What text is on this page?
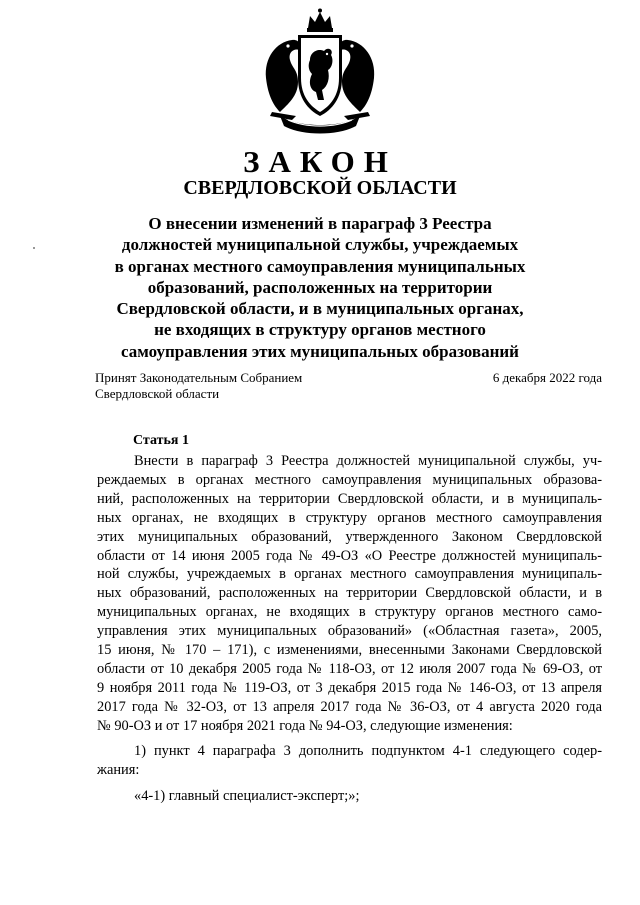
ЗАКОН
СВЕРДЛОВСКОЙ ОБЛАСТИ
О внесении изменений в параграф 3 Реестра
должностей муниципальной службы, учреждаемых
в органах местного самоуправления муниципальных
образований, расположенных на территории
Свердловской области, и в муниципальных органах,
не входящих в структуру органов местного
самоуправления этих муниципальных образований
Принят Законодательным Собранием
Свердловской области
6 декабря 2022 года
Статья 1
Внести в параграф 3 Реестра должностей муниципальной службы, уч-
реждаемых в органах местного самоуправления муниципальных образова-
ний, расположенных на территории Свердловской области, и в муниципаль-
ных органах, не входящих в структуру органов местного самоуправления
этих муниципальных образований, утвержденного Законом Свердловской
области от 14 июня 2005 года № 49-ОЗ «О Реестре должностей муниципаль-
ной службы, учреждаемых в органах местного самоуправления муниципаль-
ных образований, расположенных на территории Свердловской области, и в
муниципальных органах, не входящих в структуру органов местного само-
управления этих муниципальных образований» («Областная газета», 2005,
15 июня, № 170 – 171), с изменениями, внесенными Законами Свердловской
области от 10 декабря 2005 года № 118-ОЗ, от 12 июля 2007 года № 69-ОЗ, от
9 ноября 2011 года № 119-ОЗ, от 3 декабря 2015 года № 146-ОЗ, от 13 апреля
2017 года № 32-ОЗ, от 13 апреля 2017 года № 36-ОЗ, от 4 августа 2020 года
№ 90-ОЗ и от 17 ноября 2021 года № 94-ОЗ, следующие изменения:
1) пункт 4 параграфа 3 дополнить подпунктом 4-1 следующего содер-
жания:
«4-1) главный специалист-эксперт;»;
